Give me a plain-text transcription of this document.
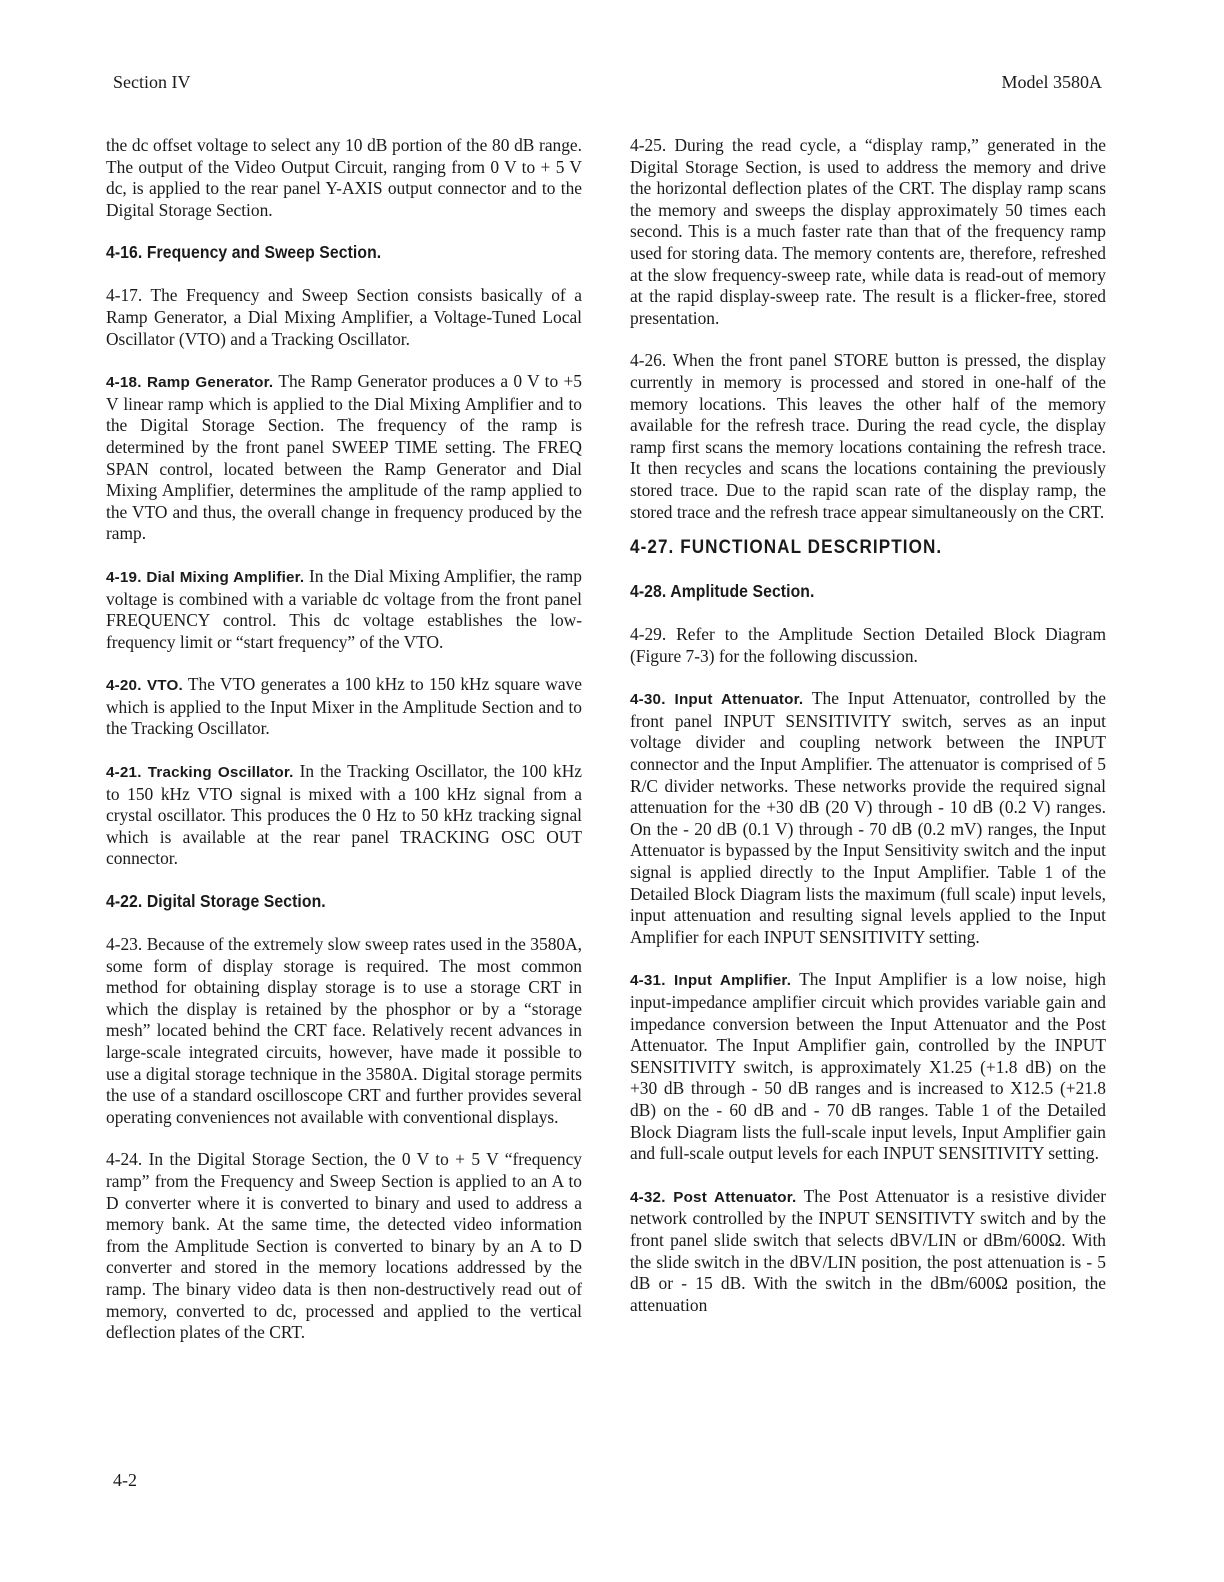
Section IV	Model 3580A

the dc offset voltage to select any 10 dB portion of the 80 dB range. The output of the Video Output Circuit, ranging from 0 V to + 5 V dc, is applied to the rear panel Y-AXIS output connector and to the Digital Storage Section.

4-16. Frequency and Sweep Section.

4-17. The Frequency and Sweep Section consists basically of a Ramp Generator, a Dial Mixing Amplifier, a Voltage-Tuned Local Oscillator (VTO) and a Tracking Oscillator.

4-18. Ramp Generator. The Ramp Generator produces a 0 V to +5 V linear ramp which is applied to the Dial Mixing Amplifier and to the Digital Storage Section. The frequency of the ramp is determined by the front panel SWEEP TIME setting. The FREQ SPAN control, located between the Ramp Generator and Dial Mixing Amplifier, determines the amplitude of the ramp applied to the VTO and thus, the overall change in frequency produced by the ramp.

4-19. Dial Mixing Amplifier. In the Dial Mixing Amplifier, the ramp voltage is combined with a variable dc voltage from the front panel FREQUENCY control. This dc voltage establishes the low-frequency limit or “start frequency” of the VTO.

4-20. VTO. The VTO generates a 100 kHz to 150 kHz square wave which is applied to the Input Mixer in the Amplitude Section and to the Tracking Oscillator.

4-21. Tracking Oscillator. In the Tracking Oscillator, the 100 kHz to 150 kHz VTO signal is mixed with a 100 kHz signal from a crystal oscillator. This produces the 0 Hz to 50 kHz tracking signal which is available at the rear panel TRACKING OSC OUT connector.

4-22. Digital Storage Section.

4-23. Because of the extremely slow sweep rates used in the 3580A, some form of display storage is required. The most common method for obtaining display storage is to use a storage CRT in which the display is retained by the phosphor or by a “storage mesh” located behind the CRT face. Relatively recent advances in large-scale integrated circuits, however, have made it possible to use a digital storage technique in the 3580A. Digital storage permits the use of a standard oscilloscope CRT and further provides several operating conveniences not available with conventional displays.

4-24. In the Digital Storage Section, the 0 V to + 5 V “frequency ramp” from the Frequency and Sweep Section is applied to an A to D converter where it is converted to binary and used to address a memory bank. At the same time, the detected video information from the Amplitude Section is converted to binary by an A to D converter and stored in the memory locations addressed by the ramp. The binary video data is then non-destructively read out of memory, converted to dc, processed and applied to the vertical deflection plates of the CRT.

4-25. During the read cycle, a “display ramp,” generated in the Digital Storage Section, is used to address the memory and drive the horizontal deflection plates of the CRT. The display ramp scans the memory and sweeps the display approximately 50 times each second. This is a much faster rate than that of the frequency ramp used for storing data. The memory contents are, therefore, refreshed at the slow frequency-sweep rate, while data is read-out of memory at the rapid display-sweep rate. The result is a flicker-free, stored presentation.

4-26. When the front panel STORE button is pressed, the display currently in memory is processed and stored in one-half of the memory locations. This leaves the other half of the memory available for the refresh trace. During the read cycle, the display ramp first scans the memory locations containing the refresh trace. It then recycles and scans the locations containing the previously stored trace. Due to the rapid scan rate of the display ramp, the stored trace and the refresh trace appear simultaneously on the CRT.

4-27. FUNCTIONAL DESCRIPTION.
4-28. Amplitude Section.

4-29. Refer to the Amplitude Section Detailed Block Diagram (Figure 7-3) for the following discussion.

4-30. Input Attenuator. The Input Attenuator, controlled by the front panel INPUT SENSITIVITY switch, serves as an input voltage divider and coupling network between the INPUT connector and the Input Amplifier. The attenuator is comprised of 5 R/C divider networks. These networks provide the required signal attenuation for the +30 dB (20 V) through - 10 dB (0.2 V) ranges. On the - 20 dB (0.1 V) through - 70 dB (0.2 mV) ranges, the Input Attenuator is bypassed by the Input Sensitivity switch and the input signal is applied directly to the Input Amplifier. Table 1 of the Detailed Block Diagram lists the maximum (full scale) input levels, input attenuation and resulting signal levels applied to the Input Amplifier for each INPUT SENSITIVITY setting.

4-31. Input Amplifier. The Input Amplifier is a low noise, high input-impedance amplifier circuit which provides variable gain and impedance conversion between the Input Attenuator and the Post Attenuator. The Input Amplifier gain, controlled by the INPUT SENSITIVITY switch, is approximately X1.25 (+1.8 dB) on the +30 dB through - 50 dB ranges and is increased to X12.5 (+21.8 dB) on the - 60 dB and - 70 dB ranges. Table 1 of the Detailed Block Diagram lists the full-scale input levels, Input Amplifier gain and full-scale output levels for each INPUT SENSITIVITY setting.

4-32. Post Attenuator. The Post Attenuator is a resistive divider network controlled by the INPUT SENSITIVTY switch and by the front panel slide switch that selects dBV/LIN or dBm/600Ω. With the slide switch in the dBV/LIN position, the post attenuation is - 5 dB or - 15 dB. With the switch in the dBm/600Ω position, the attenuation

4-2
